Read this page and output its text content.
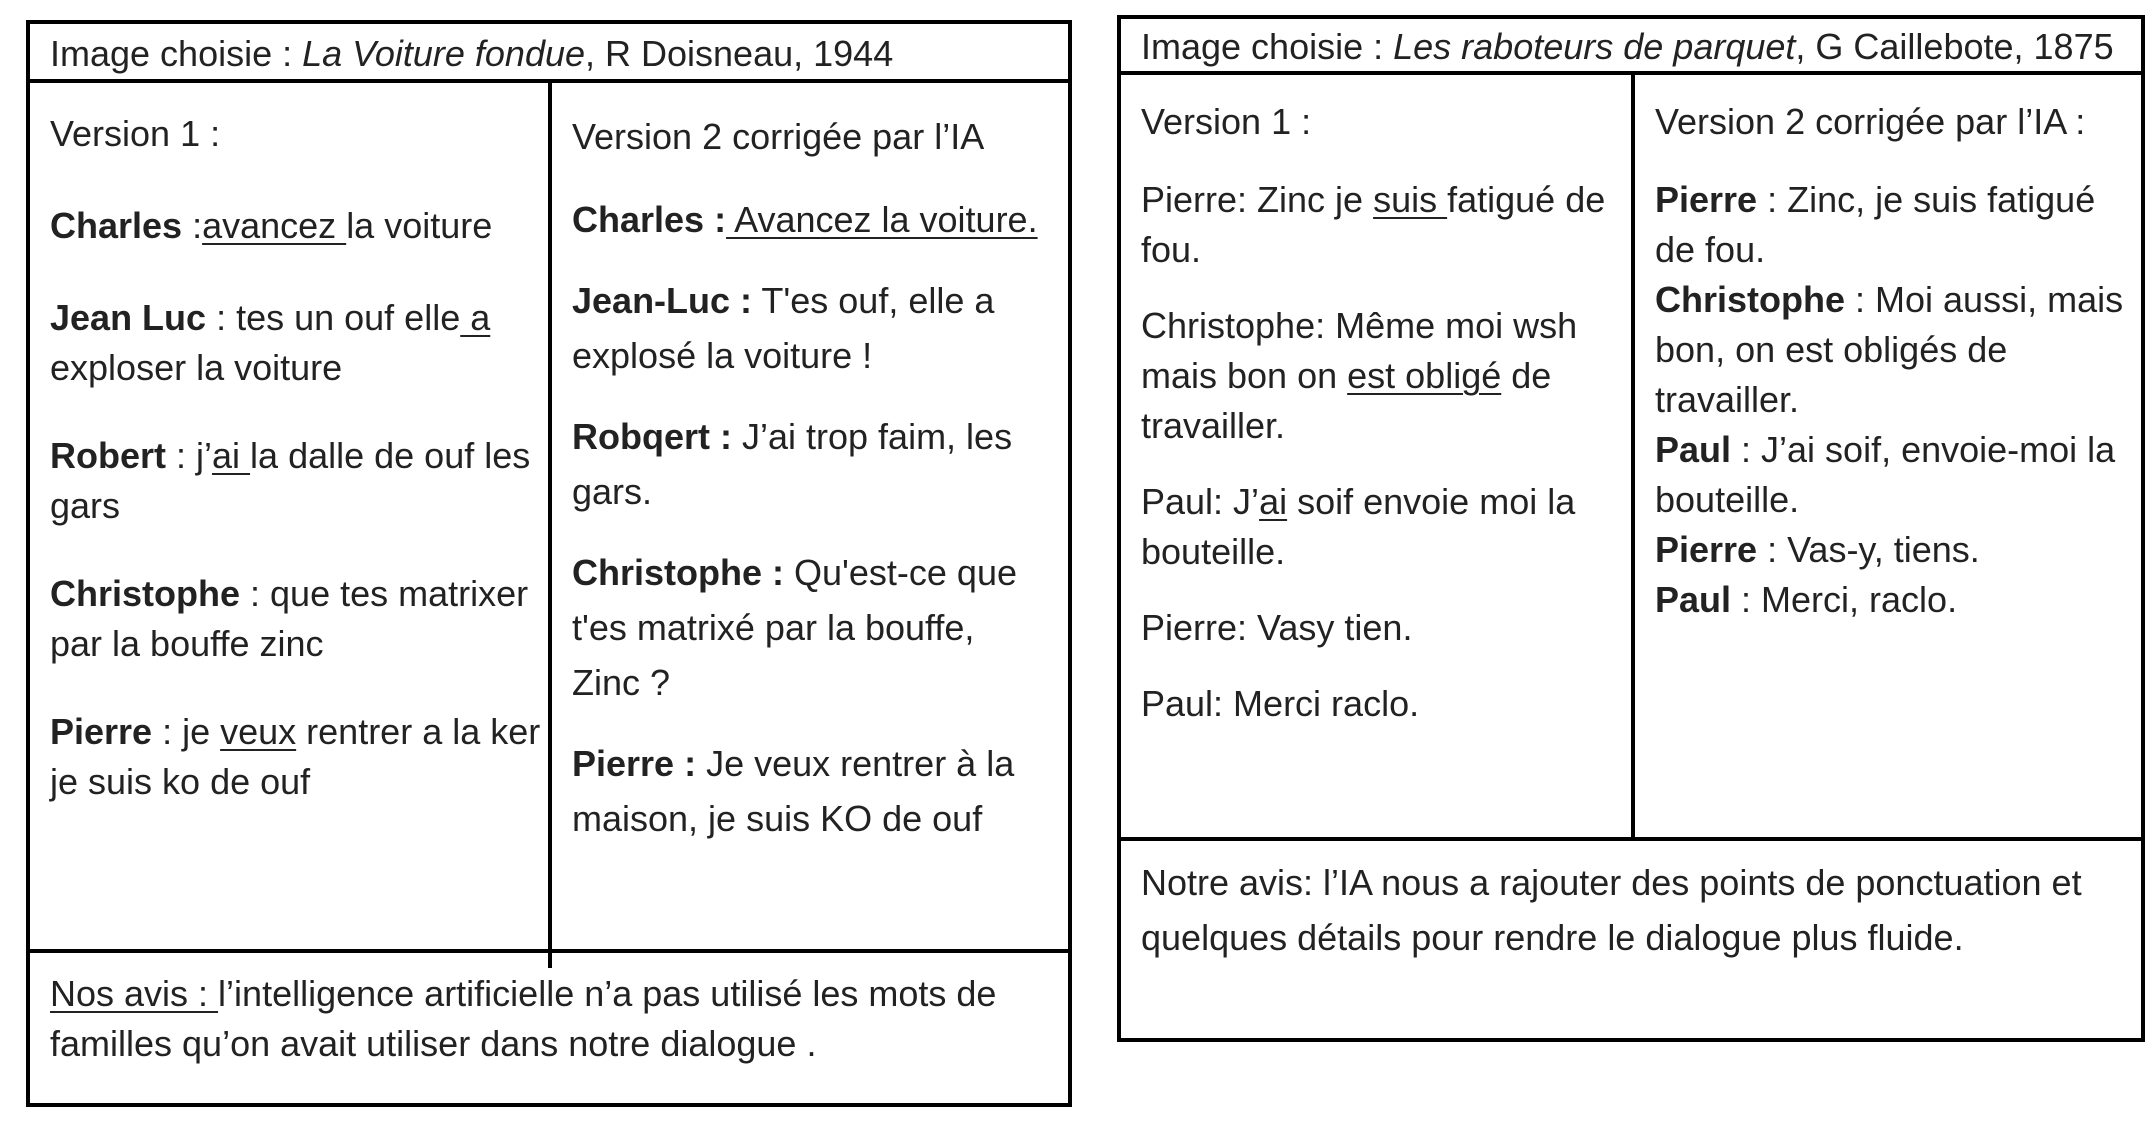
Image choisie : La Voiture fondue, R Doisneau, 1944

Version 1 :

Charles :avancez la voiture

Jean Luc : tes un ouf elle a exploser la voiture

Robert : j’ai la dalle de ouf les gars

Christophe : que tes matrixer par la bouffe zinc

Pierre : je veux rentrer a la ker je suis ko de ouf

Version 2 corrigée par l’IA

Charles : Avancez la voiture.

Jean-Luc : T'es ouf, elle a explosé la voiture !

Robqert : J’ai trop faim, les gars.

Christophe : Qu'est-ce que t'es matrixé par la bouffe, Zinc ?

Pierre : Je veux rentrer à la maison, je suis KO de ouf

Nos avis : l’intelligence artificielle n’a pas utilisé les mots de familles qu’on avait utiliser dans notre dialogue .
Image choisie : Les raboteurs de parquet, G Caillebote, 1875

Version 1 :

Pierre: Zinc je suis fatigué de fou.

Christophe: Même moi wsh mais bon on est obligé de travailler.

Paul: J’ai soif envoie moi la bouteille.

Pierre: Vasy tien.

Paul: Merci raclo.

Version 2 corrigée par l’IA :

Pierre : Zinc, je suis fatigué de fou.

Christophe : Moi aussi, mais bon, on est obligés de travailler.

Paul : J’ai soif, envoie-moi la bouteille.

Pierre : Vas-y, tiens.

Paul : Merci, raclo.

Notre avis: l’IA nous a rajouter des points de ponctuation et quelques détails pour rendre le dialogue plus fluide.
